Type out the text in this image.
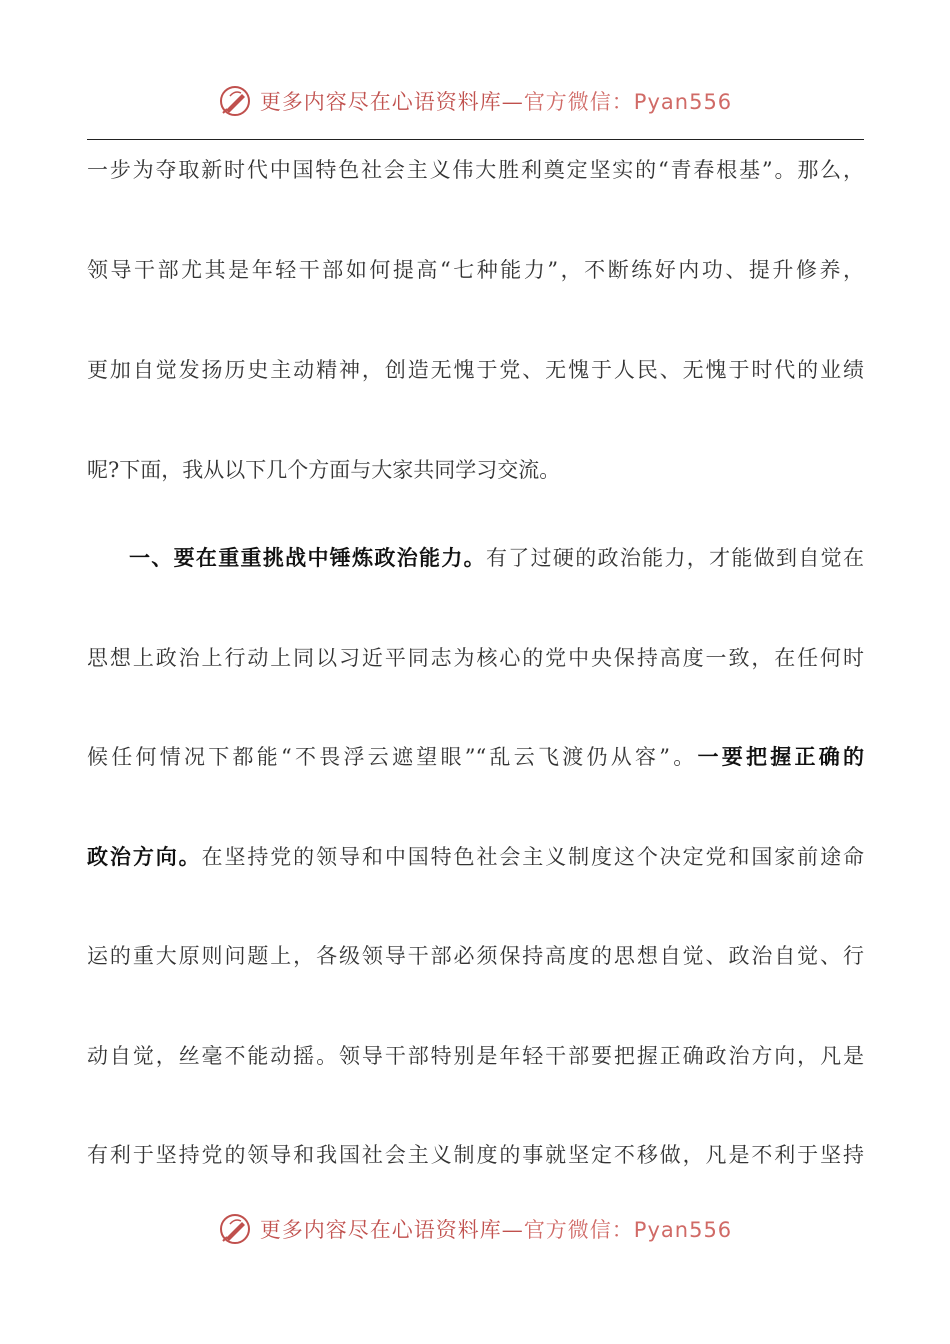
更多内容尽在心语资料库—官方微信：Pyan556
一步为夺取新时代中国特色社会主义伟大胜利奠定坚实的“青春根基”。那么，
领导干部尤其是年轻干部如何提高“七种能力”，不断练好内功、提升修养，
更加自觉发扬历史主动精神，创造无愧于党、无愧于人民、无愧于时代的业绩
呢?下面，我从以下几个方面与大家共同学习交流。
一、要在重重挑战中锤炼政治能力。有了过硬的政治能力，才能做到自觉在
思想上政治上行动上同以习近平同志为核心的党中央保持高度一致，在任何时
候任何情况下都能“不畏浮云遮望眼”“乱云飞渡仍从容”。一要把握正确的
政治方向。在坚持党的领导和中国特色社会主义制度这个决定党和国家前途命
运的重大原则问题上，各级领导干部必须保持高度的思想自觉、政治自觉、行
动自觉，丝毫不能动摇。领导干部特别是年轻干部要把握正确政治方向，凡是
有利于坚持党的领导和我国社会主义制度的事就坚定不移做，凡是不利于坚持
更多内容尽在心语资料库—官方微信：Pyan556
